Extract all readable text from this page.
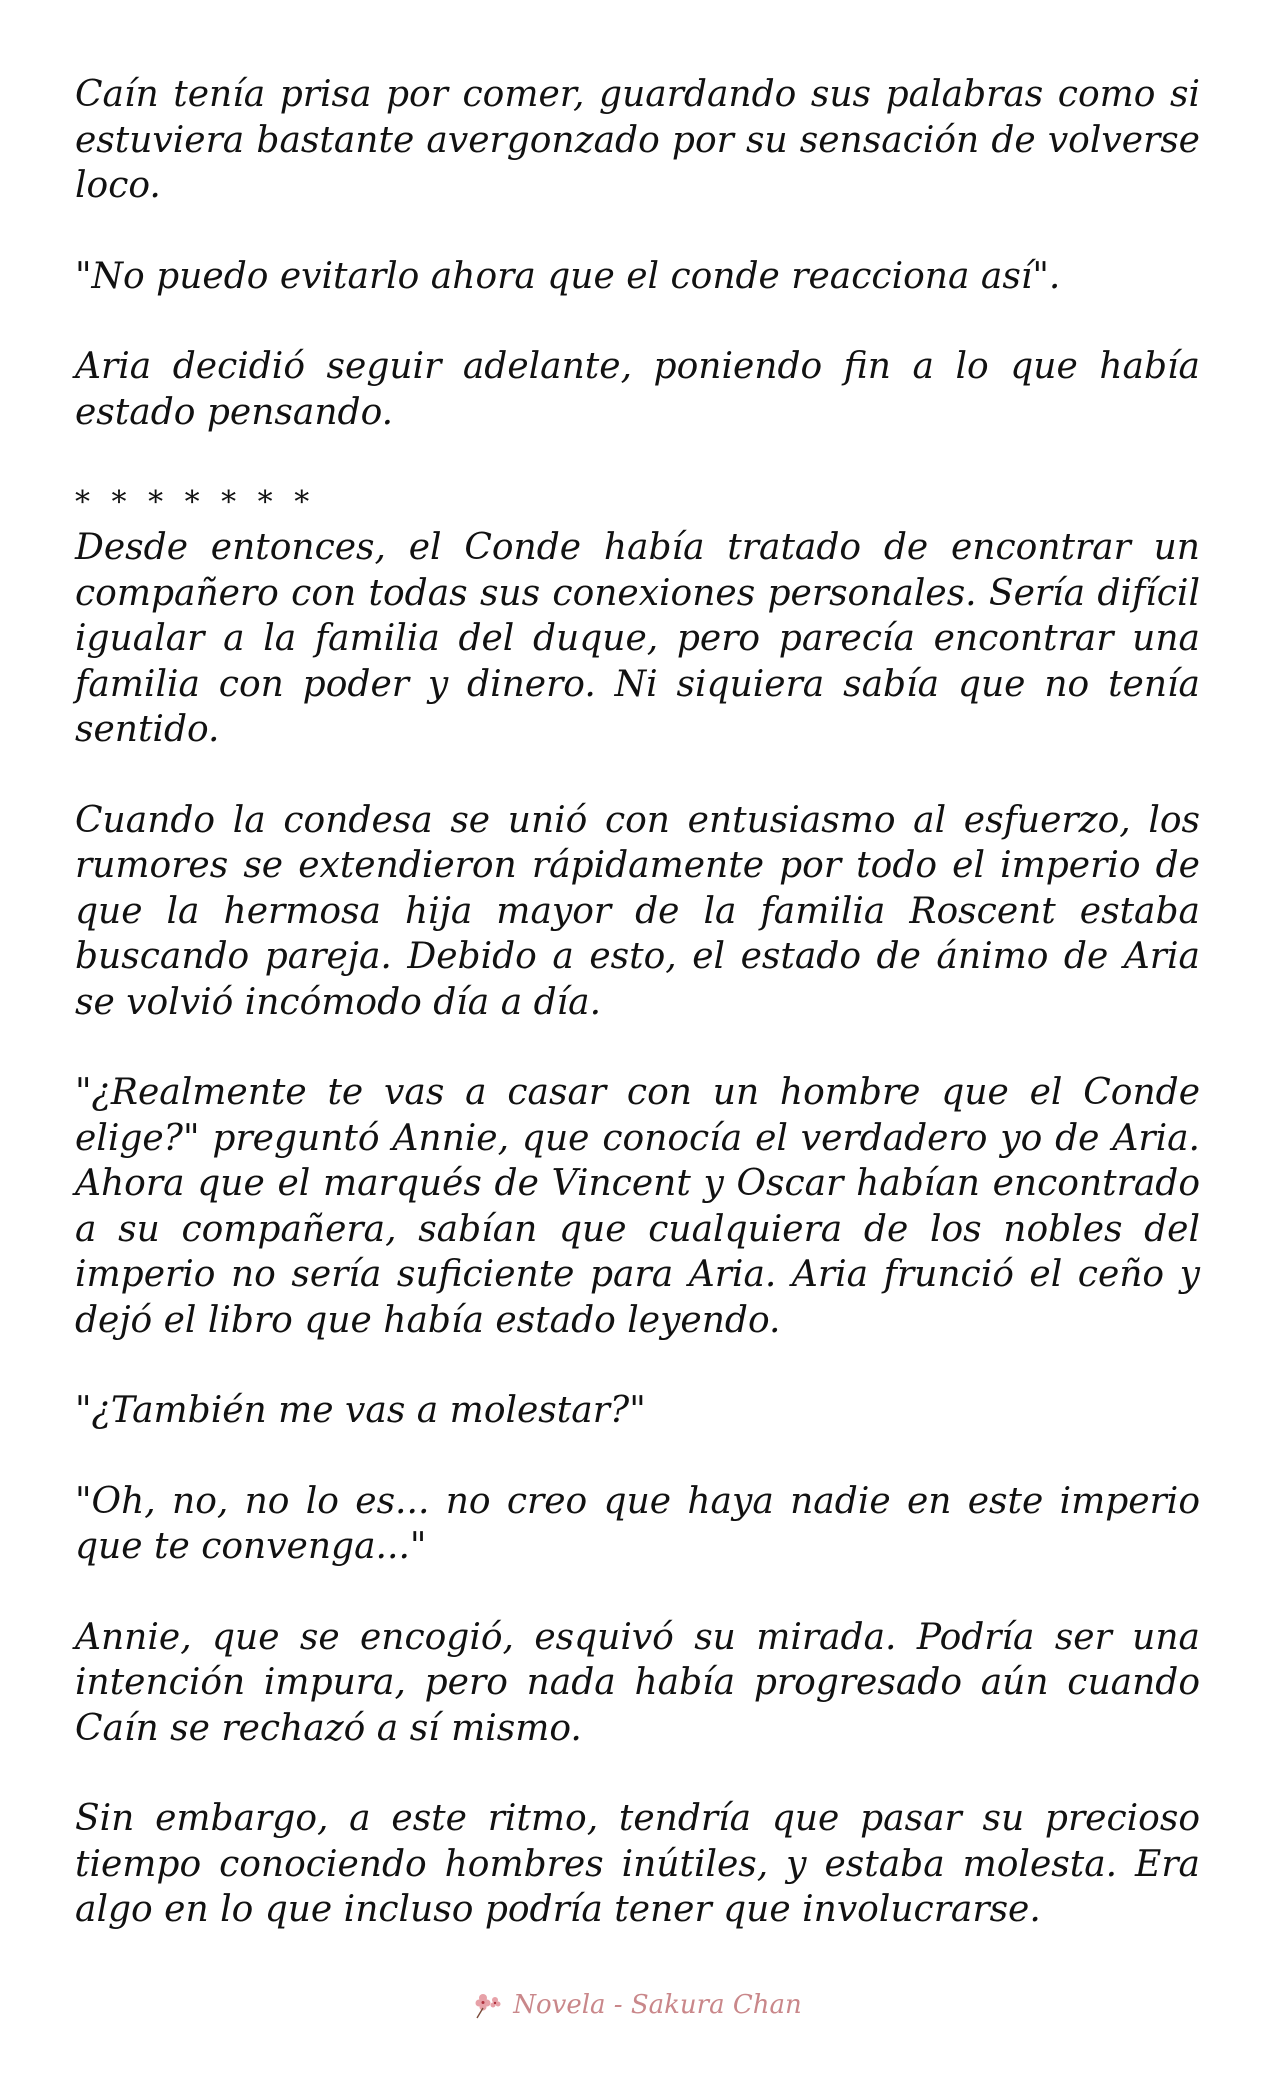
Caín tenía prisa por comer, guardando sus palabras como si estuviera bastante avergonzado por su sensación de volverse loco.

"No puedo evitarlo ahora que el conde reacciona así".

Aria decidió seguir adelante, poniendo fin a lo que había estado pensando.

* * * * * * *

Desde entonces, el Conde había tratado de encontrar un compañero con todas sus conexiones personales. Sería difícil igualar a la familia del duque, pero parecía encontrar una familia con poder y dinero. Ni siquiera sabía que no tenía sentido.

Cuando la condesa se unió con entusiasmo al esfuerzo, los rumores se extendieron rápidamente por todo el imperio de que la hermosa hija mayor de la familia Roscent estaba buscando pareja. Debido a esto, el estado de ánimo de Aria se volvió incómodo día a día.

"¿Realmente te vas a casar con un hombre que el Conde elige?" preguntó Annie, que conocía el verdadero yo de Aria. Ahora que el marqués de Vincent y Oscar habían encontrado a su compañera, sabían que cualquiera de los nobles del imperio no sería suficiente para Aria. Aria frunció el ceño y dejó el libro que había estado leyendo.

"¿También me vas a molestar?"

"Oh, no, no lo es... no creo que haya nadie en este imperio que te convenga..."

Annie, que se encogió, esquivó su mirada. Podría ser una intención impura, pero nada había progresado aún cuando Caín se rechazó a sí mismo.

Sin embargo, a este ritmo, tendría que pasar su precioso tiempo conociendo hombres inútiles, y estaba molesta. Era algo en lo que incluso podría tener que involucrarse.

Novela - Sakura Chan
